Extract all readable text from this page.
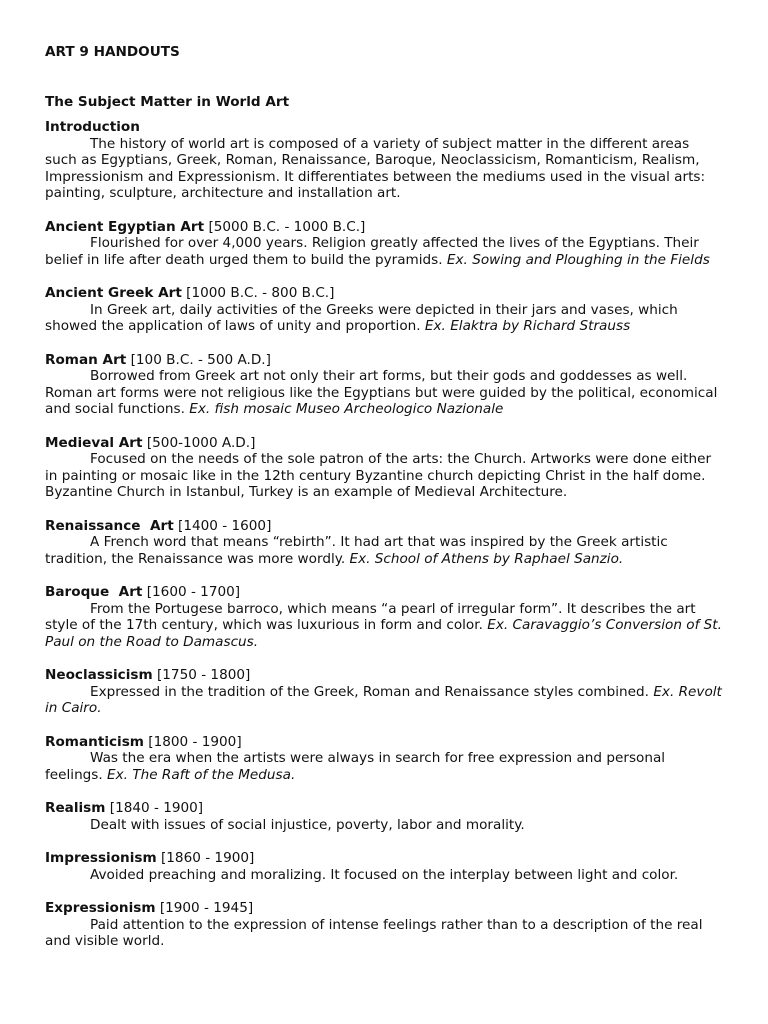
ART 9 HANDOUTS
The Subject Matter in World Art
Introduction

The history of world art is composed of a variety of subject matter in the different areas such as Egyptians, Greek, Roman, Renaissance, Baroque, Neoclassicism, Romanticism, Realism, Impressionism and Expressionism. It differentiates between the mediums used in the visual arts: painting, sculpture, architecture and installation art.

Ancient Egyptian Art [5000 B.C. - 1000 B.C.]

Flourished for over 4,000 years. Religion greatly affected the lives of the Egyptians. Their belief in life after death urged them to build the pyramids. Ex. Sowing and Ploughing in the Fields

Ancient Greek Art [1000 B.C. - 800 B.C.]

In Greek art, daily activities of the Greeks were depicted in their jars and vases, which showed the application of laws of unity and proportion. Ex. Elaktra by Richard Strauss

Roman Art [100 B.C. - 500 A.D.]

Borrowed from Greek art not only their art forms, but their gods and goddesses as well. Roman art forms were not religious like the Egyptians but were guided by the political, economical and social functions. Ex. fish mosaic Museo Archeologico Nazionale

Medieval Art [500-1000 A.D.]

Focused on the needs of the sole patron of the arts: the Church. Artworks were done either in painting or mosaic like in the 12th century Byzantine church depicting Christ in the half dome. Byzantine Church in Istanbul, Turkey is an example of Medieval Architecture.

Renaissance  Art [1400 - 1600]

A French word that means “rebirth”. It had art that was inspired by the Greek artistic tradition, the Renaissance was more wordly. Ex. School of Athens by Raphael Sanzio.

Baroque  Art [1600 - 1700]

From the Portugese barroco, which means “a pearl of irregular form”. It describes the art style of the 17th century, which was luxurious in form and color. Ex. Caravaggio’s Conversion of St. Paul on the Road to Damascus.

Neoclassicism [1750 - 1800]

Expressed in the tradition of the Greek, Roman and Renaissance styles combined. Ex. Revolt in Cairo.

Romanticism [1800 - 1900]

Was the era when the artists were always in search for free expression and personal feelings. Ex. The Raft of the Medusa.

Realism [1840 - 1900]

Dealt with issues of social injustice, poverty, labor and morality.

Impressionism [1860 - 1900]

Avoided preaching and moralizing. It focused on the interplay between light and color.

Expressionism [1900 - 1945]

Paid attention to the expression of intense feelings rather than to a description of the real and visible world.
